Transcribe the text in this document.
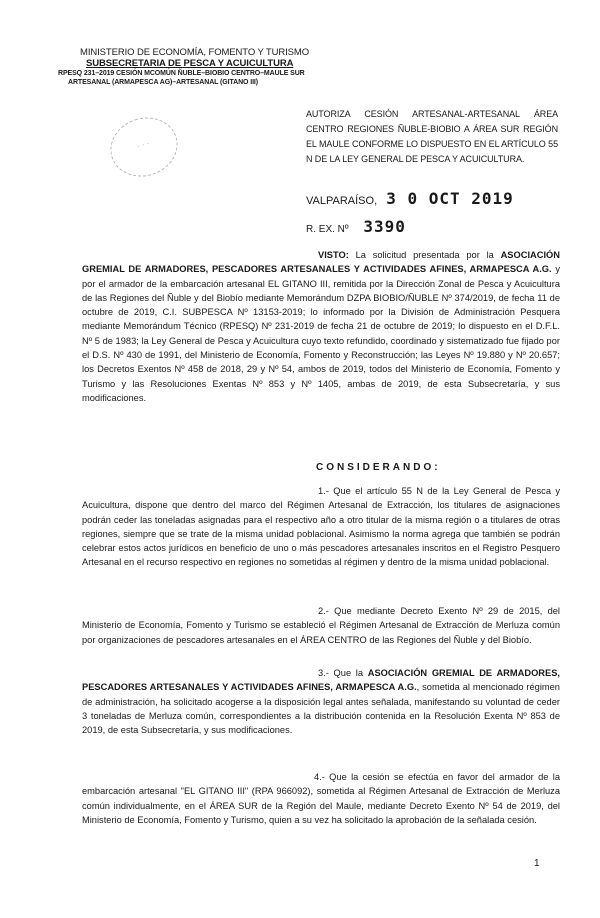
MINISTERIO DE ECONOMÍA, FOMENTO Y TURISMO
SUBSECRETARIA DE PESCA Y ACUICULTURA
RPESQ 231–2019 CESIÓN MCOMÚN ÑUBLE–BIOBIO CENTRO–MAULE SUR
ARTESANAL (ARMAPESCA AG)–ARTESANAL (GITANO III)
· · ·
AUTORIZA CESIÓN ARTESANAL-ARTESANAL ÁREA CENTRO REGIONES ÑUBLE-BIOBIO A ÁREA SUR REGIÓN EL MAULE CONFORME LO DISPUESTO EN EL ARTÍCULO 55 N DE LA LEY GENERAL DE PESCA Y ACUICULTURA.
VALPARAÍSO, 3 0 OCT 2019
R. EX. Nº 3390
VISTO: La solicitud presentada por la ASOCIACIÓN GREMIAL DE ARMADORES, PESCADORES ARTESANALES Y ACTIVIDADES AFINES, ARMAPESCA A.G. y por el armador de la embarcación artesanal EL GITANO III, remitida por la Dirección Zonal de Pesca y Acuicultura de las Regiones del Ñuble y del Biobío mediante Memorándum DZPA BIOBIO/ÑUBLE Nº 374/2019, de fecha 11 de octubre de 2019, C.I. SUBPESCA Nº 13153-2019; lo informado por la División de Administración Pesquera mediante Memorándum Técnico (RPESQ) Nº 231-2019 de fecha 21 de octubre de 2019; lo dispuesto en el D.F.L. Nº 5 de 1983; la Ley General de Pesca y Acuicultura cuyo texto refundido, coordinado y sistematizado fue fijado por el D.S. Nº 430 de 1991, del Ministerio de Economía, Fomento y Reconstrucción; las Leyes Nº 19.880 y Nº 20.657; los Decretos Exentos Nº 458 de 2018, 29 y Nº 54, ambos de 2019, todos del Ministerio de Economía, Fomento y Turismo y las Resoluciones Exentas Nº 853 y Nº 1405, ambas de 2019, de esta Subsecretaría, y sus modificaciones.
CONSIDERANDO:
1.- Que el artículo 55 N de la Ley General de Pesca y Acuicultura, dispone que dentro del marco del Régimen Artesanal de Extracción, los titulares de asignaciones podrán ceder las toneladas asignadas para el respectivo año a otro titular de la misma región o a titulares de otras regiones, siempre que se trate de la misma unidad poblacional. Asimismo la norma agrega que también se podrán celebrar estos actos jurídicos en beneficio de uno o más pescadores artesanales inscritos en el Registro Pesquero Artesanal en el recurso respectivo en regiones no sometidas al régimen y dentro de la misma unidad poblacional.
2.- Que mediante Decreto Exento Nº 29 de 2015, del Ministerio de Economía, Fomento y Turismo se estableció el Régimen Artesanal de Extracción de Merluza común por organizaciones de pescadores artesanales en el ÁREA CENTRO de las Regiones del Ñuble y del Biobío.
3.- Que la ASOCIACIÓN GREMIAL DE ARMADORES, PESCADORES ARTESANALES Y ACTIVIDADES AFINES, ARMAPESCA A.G., sometida al mencionado régimen de administración, ha solicitado acogerse a la disposición legal antes señalada, manifestando su voluntad de ceder 3 toneladas de Merluza común, correspondientes a la distribución contenida en la Resolución Exenta Nº 853 de 2019, de esta Subsecretaría, y sus modificaciones.
4.- Que la cesión se efectúa en favor del armador de la embarcación artesanal "EL GITANO III" (RPA 966092), sometida al Régimen Artesanal de Extracción de Merluza común individualmente, en el ÁREA SUR de la Región del Maule, mediante Decreto Exento Nº 54 de 2019, del Ministerio de Economía, Fomento y Turismo, quien a su vez ha solicitado la aprobación de la señalada cesión.
1
